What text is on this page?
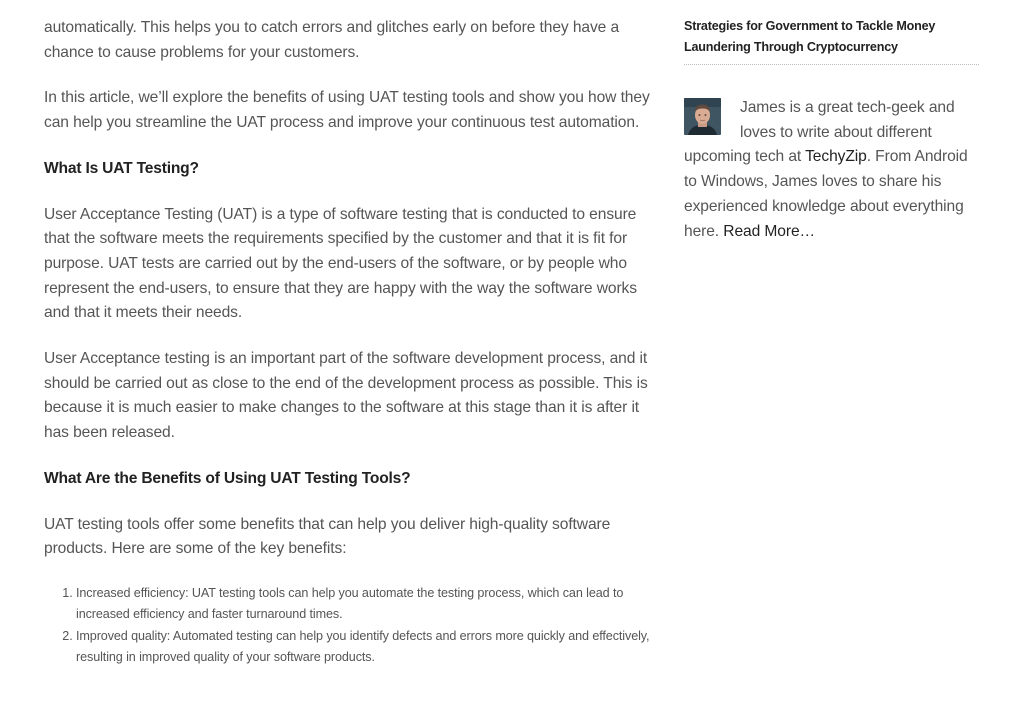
automatically. This helps you to catch errors and glitches early on before they have a chance to cause problems for your customers.

In this article, we’ll explore the benefits of using UAT testing tools and show you how they can help you streamline the UAT process and improve your continuous test automation.

What Is UAT Testing?

User Acceptance Testing (UAT) is a type of software testing that is conducted to ensure that the software meets the requirements specified by the customer and that it is fit for purpose. UAT tests are carried out by the end-users of the software, or by people who represent the end-users, to ensure that they are happy with the way the software works and that it meets their needs.

User Acceptance testing is an important part of the software development process, and it should be carried out as close to the end of the development process as possible. This is because it is much easier to make changes to the software at this stage than it is after it has been released.

What Are the Benefits of Using UAT Testing Tools?

UAT testing tools offer some benefits that can help you deliver high-quality software products. Here are some of the key benefits:

1. Increased efficiency: UAT testing tools can help you automate the testing process, which can lead to increased efficiency and faster turnaround times.
2. Improved quality: Automated testing can help you identify defects and errors more quickly and effectively, resulting in improved quality of your software products.
Strategies for Government to Tackle Money Laundering Through Cryptocurrency
James is a great tech-geek and loves to write about different upcoming tech at TechyZip. From Android to Windows, James loves to share his experienced knowledge about everything here. Read More…
